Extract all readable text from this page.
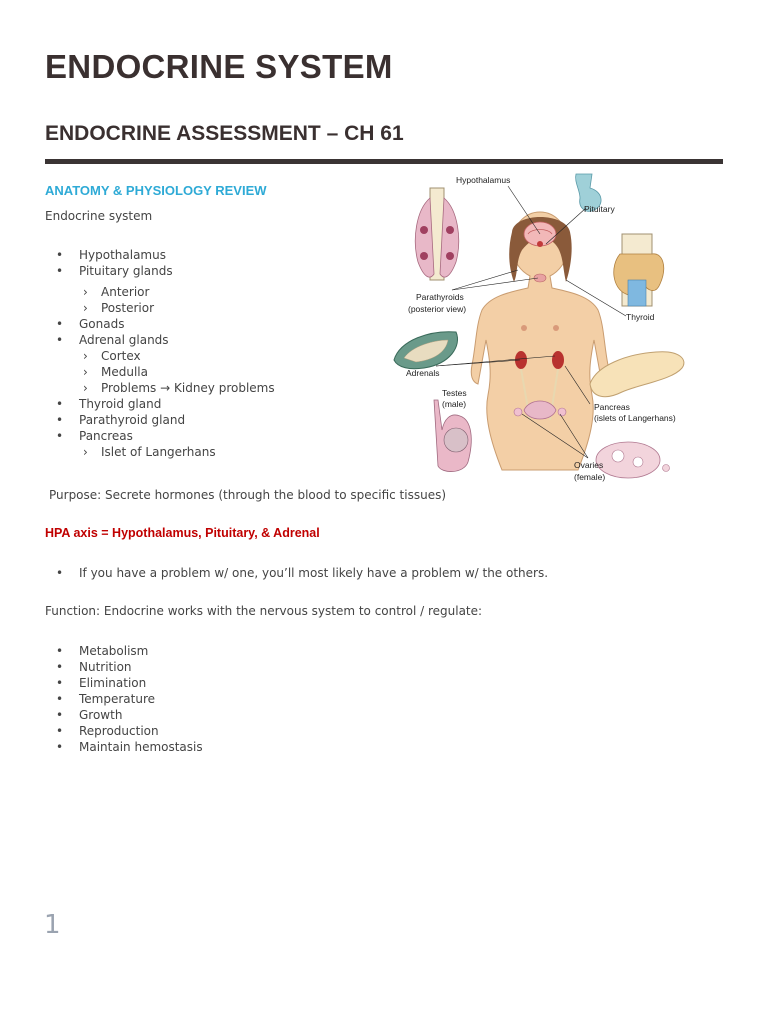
ENDOCRINE SYSTEM
ENDOCRINE ASSESSMENT – CH 61
ANATOMY & PHYSIOLOGY REVIEW

Endocrine system

• Hypothalamus
• Pituitary glands
› Anterior
› Posterior
• Gonads
• Adrenal glands
› Cortex
› Medulla
› Problems → Kidney problems
• Thyroid gland
• Parathyroid gland
• Pancreas
› Islet of Langerhans

Purpose: Secrete hormones (through the blood to specific tissues)

HPA axis = Hypothalamus, Pituitary, & Adrenal

• If you have a problem w/ one, you’ll most likely have a problem w/ the others.

Function: Endocrine works with the nervous system to control / regulate:

• Metabolism
• Nutrition
• Elimination
• Temperature
• Growth
• Reproduction
• Maintain hemostasis
Hypothalamus
Pituitary
Parathyroids
(posterior view)
Thyroid
Adrenals
Testes
(male)	Pancreas
(islets of Langerhans)
Ovaries
(female)
1
